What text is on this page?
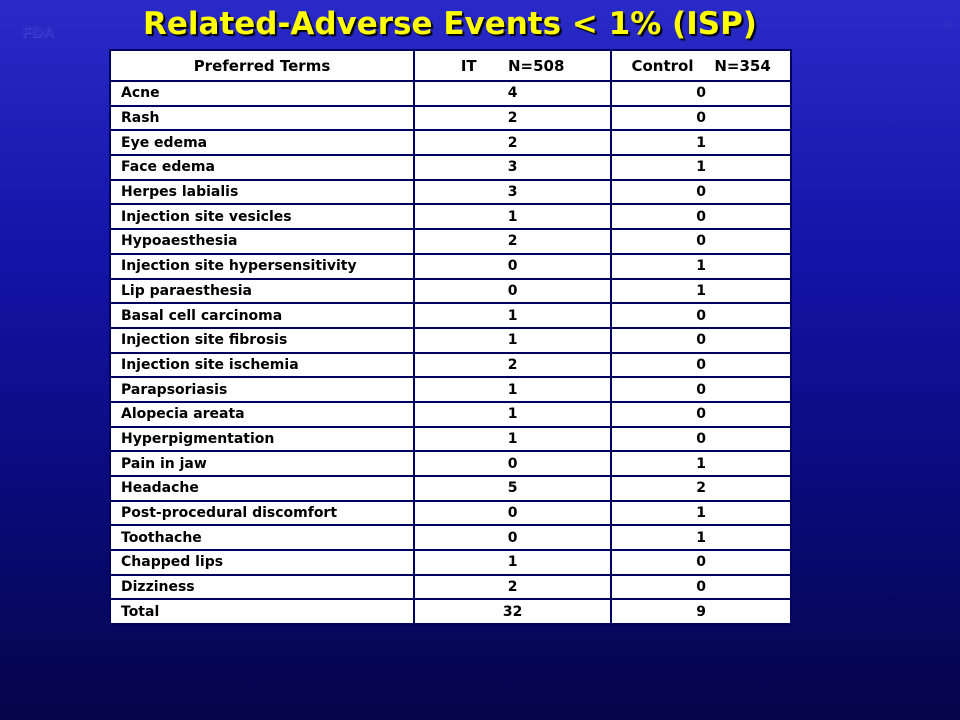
FDA	46
Related-Adverse Events < 1% (ISP)
Preferred Terms	IT      N=508	Control    N=354
Acne	4	0
Rash	2	0
Eye edema	2	1
Face edema	3	1
Herpes labialis	3	0
Injection site vesicles	1	0
Hypoaesthesia	2	0
Injection site hypersensitivity	0	1
Lip paraesthesia	0	1
Basal cell carcinoma	1	0
Injection site fibrosis	1	0
Injection site ischemia	2	0
Parapsoriasis	1	0
Alopecia areata	1	0
Hyperpigmentation	1	0
Pain in jaw	0	1
Headache	5	2
Post-procedural discomfort	0	1
Toothache	0	1
Chapped lips	1	0
Dizziness	2	0
Total	32	9
